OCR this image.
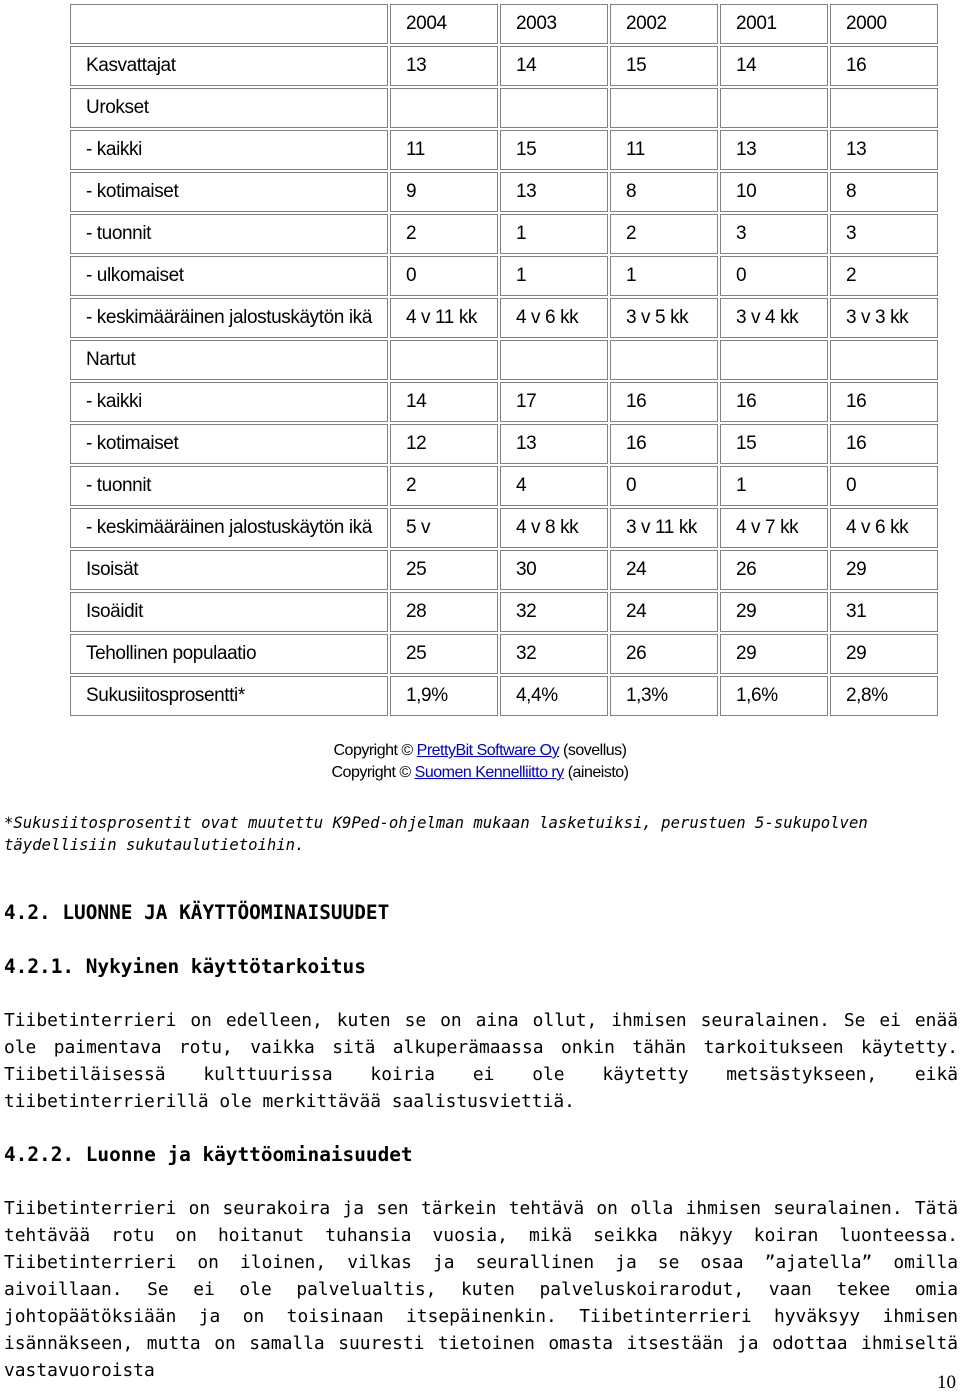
	2004	2003	2002	2001	2000
Kasvattajat	13	14	15	14	16
Urokset					
- kaikki	11	15	11	13	13
- kotimaiset	9	13	8	10	8
- tuonnit	2	1	2	3	3
- ulkomaiset	0	1	1	0	2
- keskimääräinen jalostuskäytön ikä	4 v 11 kk	4 v 6 kk	3 v 5 kk	3 v 4 kk	3 v 3 kk
Nartut					
- kaikki	14	17	16	16	16
- kotimaiset	12	13	16	15	16
- tuonnit	2	4	0	1	0
- keskimääräinen jalostuskäytön ikä	5 v	4 v 8 kk	3 v 11 kk	4 v 7 kk	4 v 6 kk
Isoisät	25	30	24	26	29
Isoäidit	28	32	24	29	31
Tehollinen populaatio	25	32	26	29	29
Sukusiitosprosentti*	1,9%	4,4%	1,3%	1,6%	2,8%
Copyright © PrettyBit Software Oy (sovellus)
Copyright © Suomen Kennelliitto ry (aineisto)
*Sukusiitosprosentit ovat muutettu K9Ped-ohjelman mukaan lasketuiksi, perustuen 5-sukupolven täydellisiin sukutaulutietoihin.
4.2. LUONNE JA KÄYTTÖOMINAISUUDET
4.2.1. Nykyinen käyttötarkoitus
Tiibetinterrieri on edelleen, kuten se on aina ollut, ihmisen seuralainen. Se ei enää ole paimentava rotu, vaikka sitä alkuperämaassa onkin tähän tarkoitukseen käytetty. Tiibetiläisessä kulttuurissa koiria ei ole käytetty metsästykseen, eikä tiibetinterrierillä ole merkittävää saalistusviettiä.
4.2.2. Luonne ja käyttöominaisuudet
Tiibetinterrieri on seurakoira ja sen tärkein tehtävä on olla ihmisen seuralainen. Tätä tehtävää rotu on hoitanut tuhansia vuosia, mikä seikka näkyy koiran luonteessa. Tiibetinterrieri on iloinen, vilkas ja seurallinen ja se osaa ”ajatella” omilla aivoillaan. Se ei ole palvelualtis, kuten palveluskoirarodut, vaan tekee omia johtopäätöksiään ja on toisinaan itsepäinenkin. Tiibetinterrieri hyväksyy ihmisen isännäkseen, mutta on samalla suuresti tietoinen omasta itsestään ja odottaa ihmiseltä vastavuoroista
10
